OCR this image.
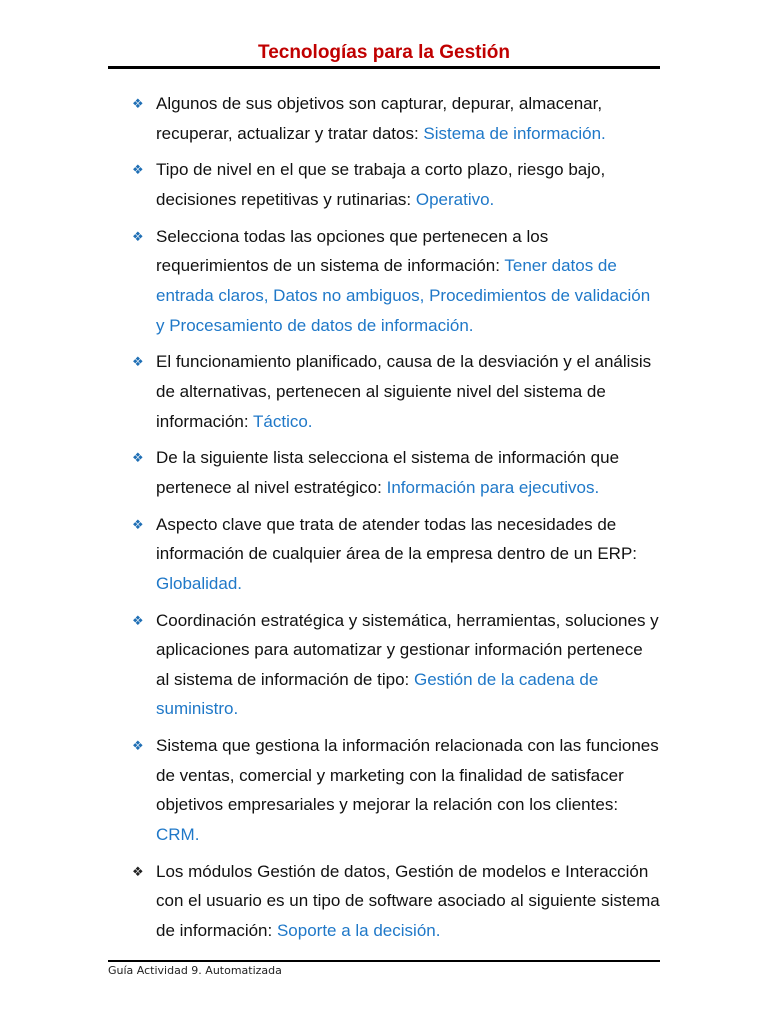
Tecnologías para la Gestión
❖ Algunos de sus objetivos son capturar, depurar, almacenar, recuperar, actualizar y tratar datos: Sistema de información.
❖ Tipo de nivel en el que se trabaja a corto plazo, riesgo bajo, decisiones repetitivas y rutinarias: Operativo.
❖ Selecciona todas las opciones que pertenecen a los requerimientos de un sistema de información: Tener datos de entrada claros, Datos no ambiguos, Procedimientos de validación y Procesamiento de datos de información.
❖ El funcionamiento planificado, causa de la desviación y el análisis de alternativas, pertenecen al siguiente nivel del sistema de información: Táctico.
❖ De la siguiente lista selecciona el sistema de información que pertenece al nivel estratégico: Información para ejecutivos.
❖ Aspecto clave que trata de atender todas las necesidades de información de cualquier área de la empresa dentro de un ERP: Globalidad.
❖ Coordinación estratégica y sistemática, herramientas, soluciones y aplicaciones para automatizar y gestionar información pertenece al sistema de información de tipo: Gestión de la cadena de suministro.
❖ Sistema que gestiona la información relacionada con las funciones de ventas, comercial y marketing con la finalidad de satisfacer objetivos empresariales y mejorar la relación con los clientes: CRM.
❖ Los módulos Gestión de datos, Gestión de modelos e Interacción con el usuario es un tipo de software asociado al siguiente sistema de información: Soporte a la decisión.
Guía Actividad 9. Automatizada
